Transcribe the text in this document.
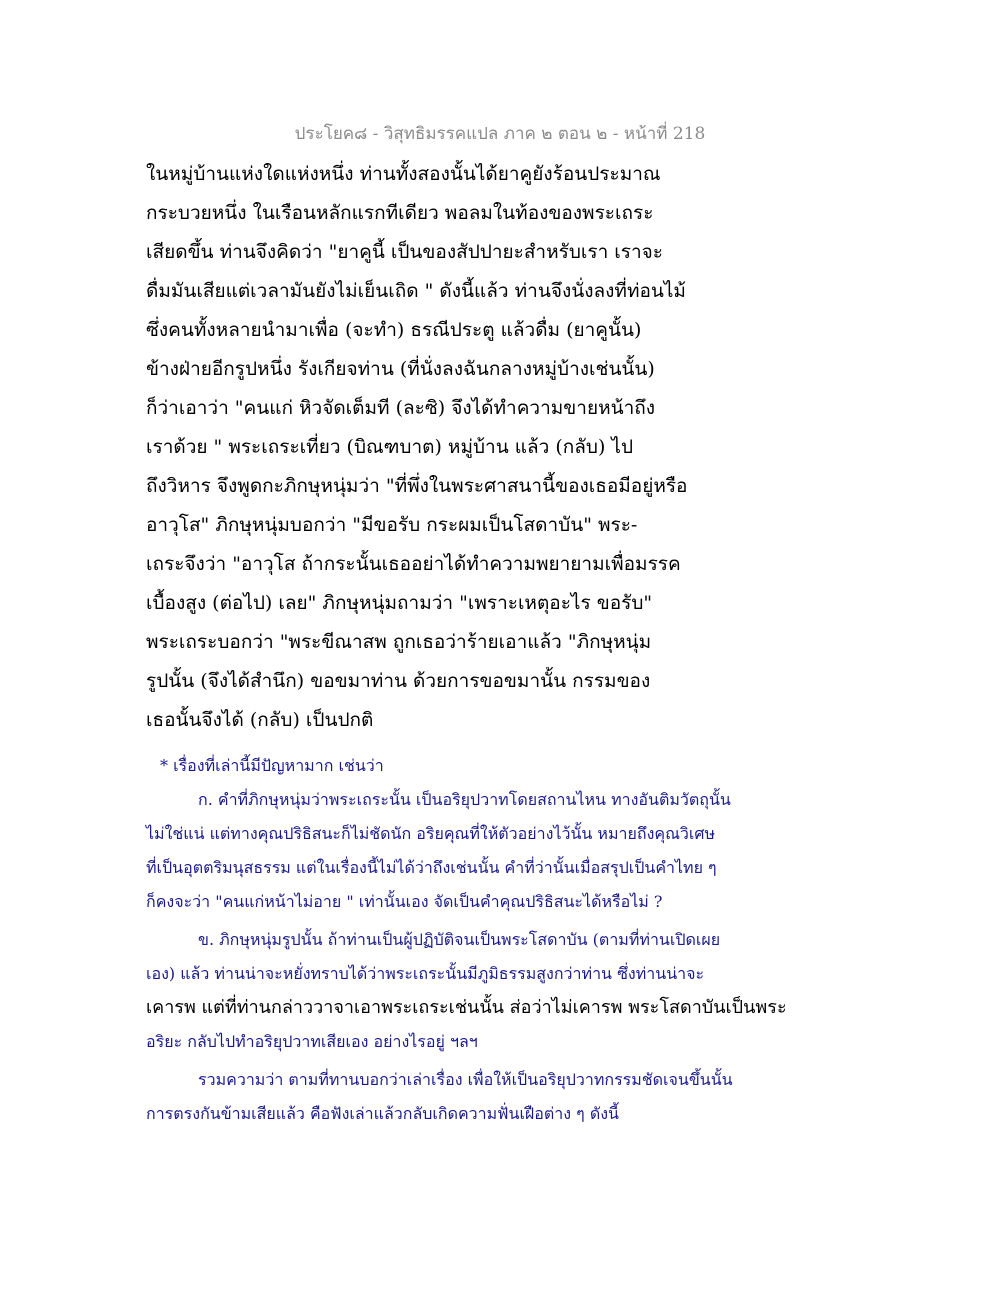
ประโยค๘ - วิสุทธิมรรคแปล ภาค ๒ ตอน ๒ - หน้าที่ 218
ในหมู่บ้านแห่งใดแห่งหนึ่ง ท่านทั้งสองนั้นได้ยาคูยังร้อนประมาณ
กระบวยหนึ่ง ในเรือนหลักแรกทีเดียว พอลมในท้องของพระเถระ
เสียดขึ้น ท่านจึงคิดว่า "ยาคูนี้ เป็นของสัปปายะสำหรับเรา เราจะ
ดื่มมันเสียแต่เวลามันยังไม่เย็นเถิด " ดังนี้แล้ว ท่านจึงนั่งลงที่ท่อนไม้
ซึ่งคนทั้งหลายนำมาเพื่อ (จะทำ) ธรณีประตู แล้วดื่ม (ยาคูนั้น)
ข้างฝ่ายอีกรูปหนึ่ง รังเกียจท่าน (ที่นั่งลงฉันกลางหมู่บ้างเช่นนั้น)
ก็ว่าเอาว่า "คนแก่ หิวจัดเต็มที (ละซิ) จึงได้ทำความขายหน้าถึง
เราด้วย " พระเถระเที่ยว (บิณฑบาต) หมู่บ้าน แล้ว (กลับ) ไป
ถึงวิหาร จึงพูดกะภิกษุหนุ่มว่า "ที่พึ่งในพระศาสนานี้ของเธอมีอยู่หรือ
อาวุโส" ภิกษุหนุ่มบอกว่า "มีขอรับ กระผมเป็นโสดาบัน" พระ-
เถระจึงว่า "อาวุโส ถ้ากระนั้นเธออย่าได้ทำความพยายามเพื่อมรรค
เบื้องสูง (ต่อไป) เลย" ภิกษุหนุ่มถามว่า "เพราะเหตุอะไร ขอรับ"
พระเถระบอกว่า "พระขีณาสพ ถูกเธอว่าร้ายเอาแล้ว "ภิกษุหนุ่ม
รูปนั้น (จึงได้สำนึก) ขอขมาท่าน ด้วยการขอขมานั้น กรรมของ
เธอนั้นจึงได้ (กลับ) เป็นปกติ
* เรื่องที่เล่านี้มีปัญหามาก เช่นว่า
ก. คำที่ภิกษุหนุ่มว่าพระเถระนั้น เป็นอริยุปวาทโดยสถานไหน ทางอันติมวัตถุนั้น
ไม่ใช่แน่ แต่ทางคุณปริธิสนะก็ไม่ชัดนัก อริยคุณที่ให้ตัวอย่างไว้นั้น หมายถึงคุณวิเศษ
ที่เป็นอุตตริมนุสธรรม แต่ในเรื่องนี้ไม่ได้ว่าถึงเช่นนั้น คำที่ว่านั้นเมื่อสรุปเป็นคำไทย ๆ
ก็คงจะว่า "คนแก่หน้าไม่อาย " เท่านั้นเอง จัดเป็นคำคุณปริธิสนะได้หรือไม่ ?
ข. ภิกษุหนุ่มรูปนั้น ถ้าท่านเป็นผู้ปฏิบัติจนเป็นพระโสดาบัน (ตามที่ท่านเปิดเผย
เอง) แล้ว ท่านน่าจะหยั่งทราบได้ว่าพระเถระนั้นมีภูมิธรรมสูงกว่าท่าน ซึ่งท่านน่าจะ
เคารพ แต่ที่ท่านกล่าววาจาเอาพระเถระเช่นนั้น ส่อว่าไม่เคารพ พระโสดาบันเป็นพระ
อริยะ กลับไปทำอริยุปวาทเสียเอง อย่างไรอยู่ ฯลฯ
รวมความว่า ตามที่ทานบอกว่าเล่าเรื่อง เพื่อให้เป็นอริยุปวาทกรรมชัดเจนขึ้นนั้น
การตรงกันข้ามเสียแล้ว คือฟังเล่าแล้วกลับเกิดความฟั่นเฝือต่าง ๆ ดังนี้
